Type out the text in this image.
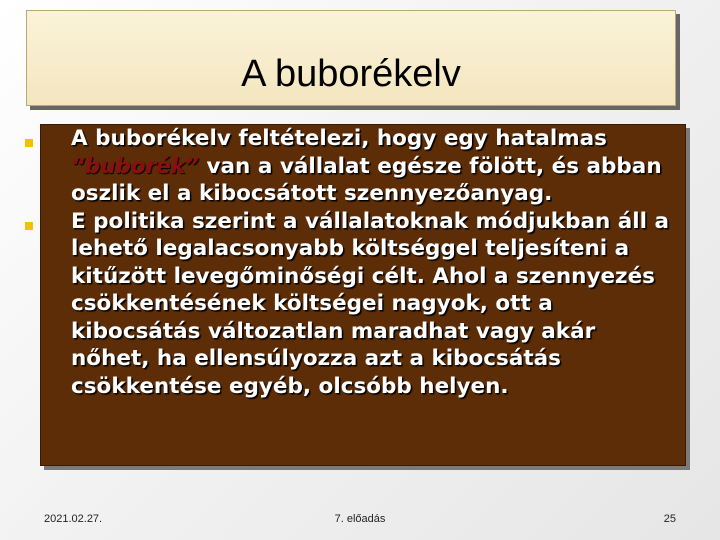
A buborékelv
A buborékelv feltételezi, hogy egy hatalmas “buborék” van a vállalat egésze fölött, és abban oszlik el a kibocsátott szennyezőanyag.
E politika szerint a vállalatoknak módjukban áll a lehető legalacsonyabb költséggel teljesíteni a kitűzött levegőminőségi célt. Ahol a szennyezés csökkentésének költségei nagyok, ott a kibocsátás változatlan maradhat vagy akár nőhet, ha ellensúlyozza azt a kibocsátás csökkentése egyéb, olcsóbb helyen.
2021.02.27.	7. előadás	25
